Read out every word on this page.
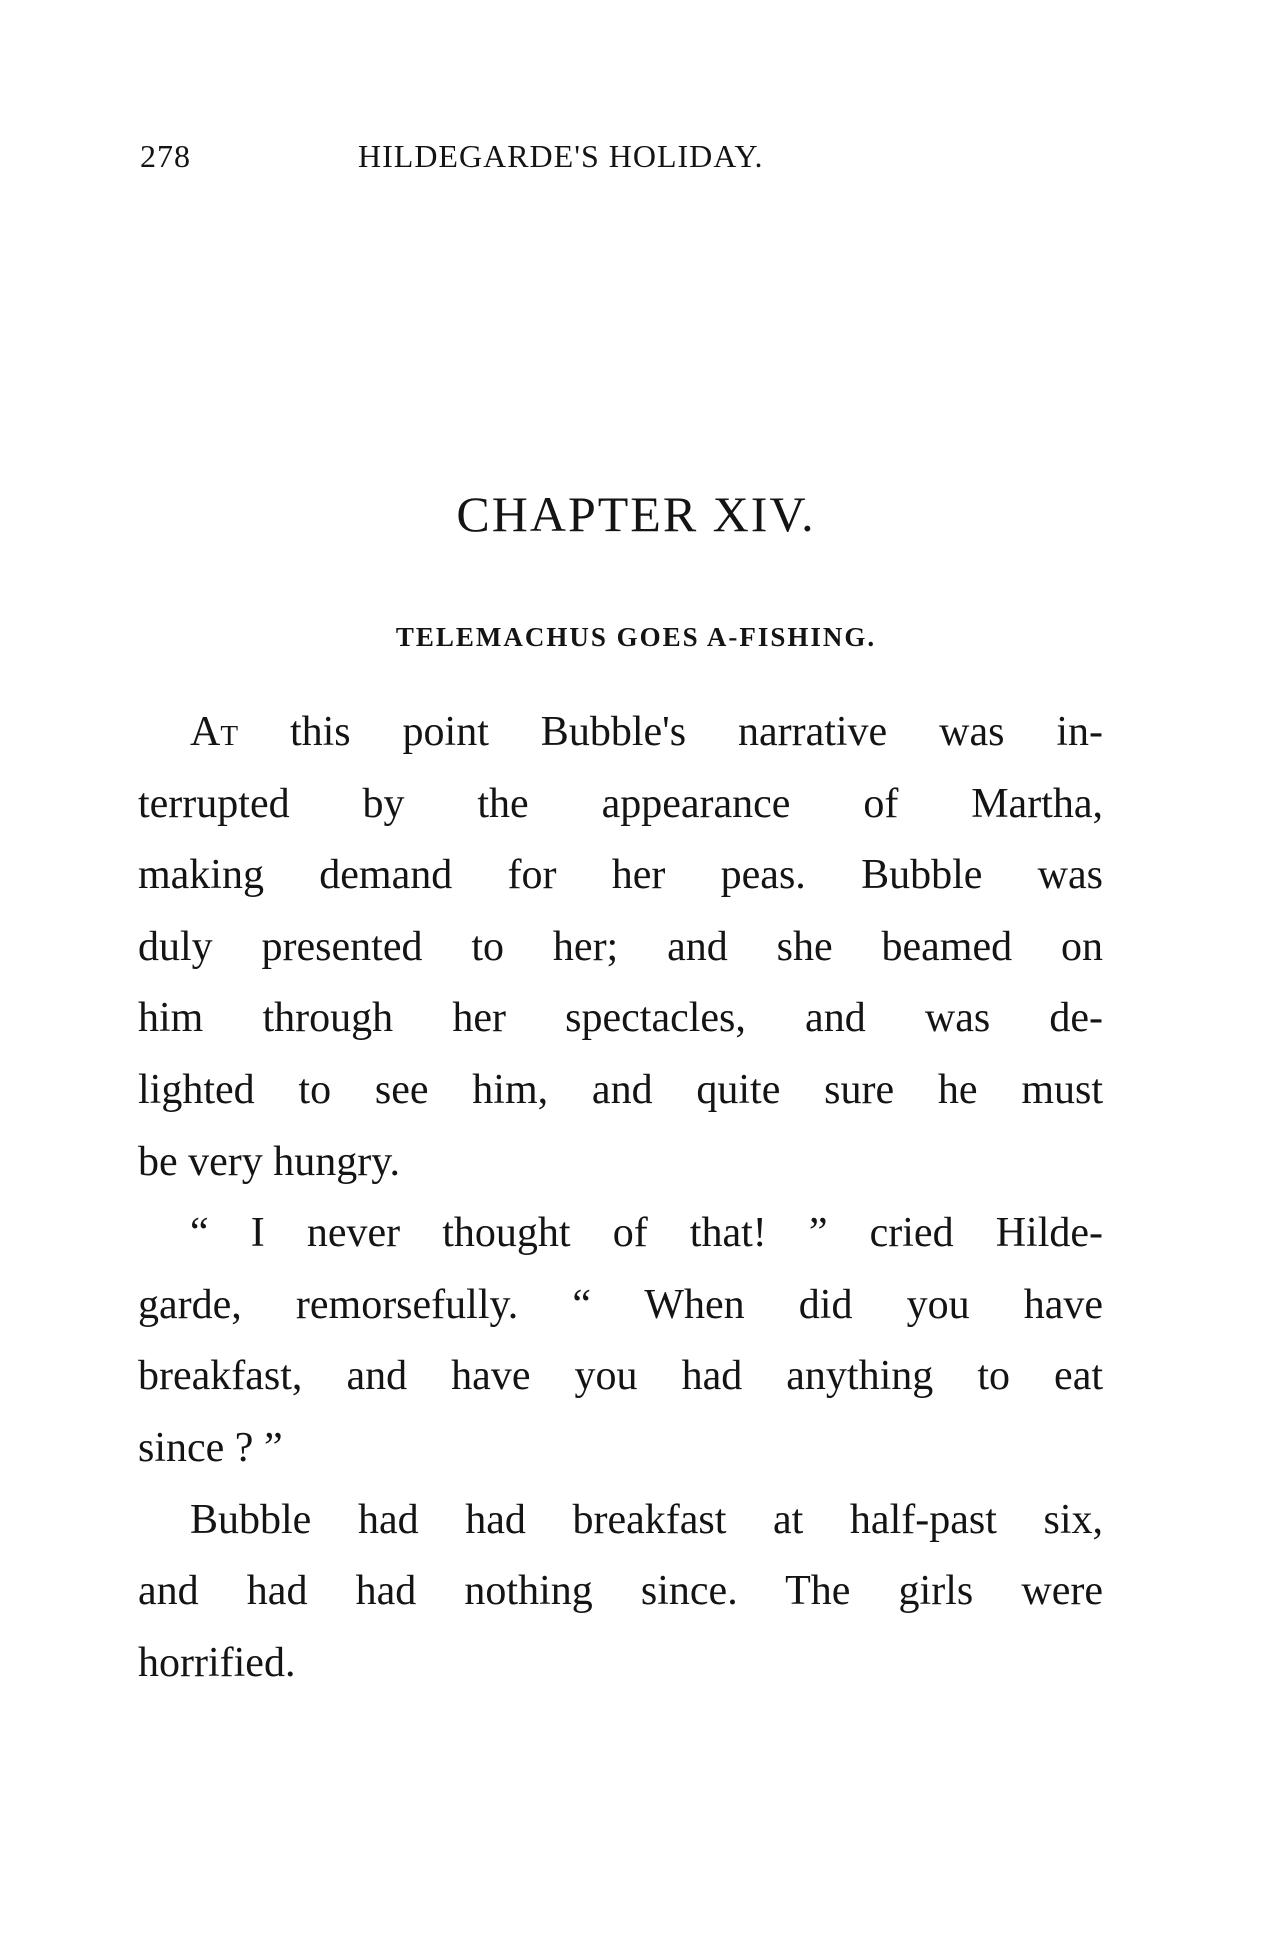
278	HILDEGARDE'S HOLIDAY.
CHAPTER XIV.
TELEMACHUS GOES A-FISHING.
At this point Bubble's narrative was in-
terrupted by the appearance of Martha,
making demand for her peas. Bubble was
duly presented to her; and she beamed on
him through her spectacles, and was de-
lighted to see him, and quite sure he must
be very hungry.
“ I never thought of that! ” cried Hilde-
garde, remorsefully. “ When did you have
breakfast, and have you had anything to eat
since ? ”
Bubble had had breakfast at half-past six,
and had had nothing since. The girls were
horrified.
